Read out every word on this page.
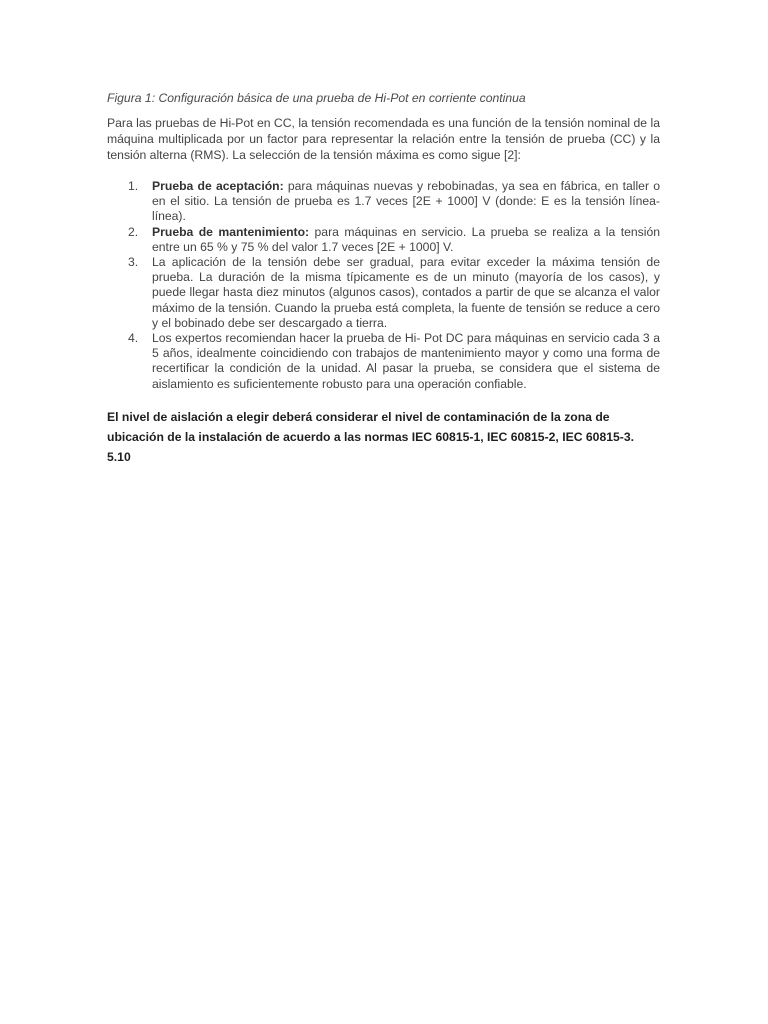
Figura 1: Configuración básica de una prueba de Hi-Pot en corriente continua

Para las pruebas de Hi-Pot en CC, la tensión recomendada es una función de la tensión nominal de la máquina multiplicada por un factor para representar la relación entre la tensión de prueba (CC) y la tensión alterna (RMS). La selección de la tensión máxima es como sigue [2]:

1. Prueba de aceptación: para máquinas nuevas y rebobinadas, ya sea en fábrica, en taller o en el sitio. La tensión de prueba es 1.7 veces [2E + 1000] V (donde: E es la tensión línea-línea).
2. Prueba de mantenimiento: para máquinas en servicio. La prueba se realiza a la tensión entre un 65 % y 75 % del valor 1.7 veces [2E + 1000] V.
3. La aplicación de la tensión debe ser gradual, para evitar exceder la máxima tensión de prueba. La duración de la misma típicamente es de un minuto (mayoría de los casos), y puede llegar hasta diez minutos (algunos casos), contados a partir de que se alcanza el valor máximo de la tensión. Cuando la prueba está completa, la fuente de tensión se reduce a cero y el bobinado debe ser descargado a tierra.
4. Los expertos recomiendan hacer la prueba de Hi- Pot DC para máquinas en servicio cada 3 a 5 años, idealmente coincidiendo con trabajos de mantenimiento mayor y como una forma de recertificar la condición de la unidad. Al pasar la prueba, se considera que el sistema de aislamiento es suficientemente robusto para una operación confiable.

El nivel de aislación a elegir deberá considerar el nivel de contaminación de la zona de ubicación de la instalación de acuerdo a las normas IEC 60815-1, IEC 60815-2, IEC 60815-3. 5.10
